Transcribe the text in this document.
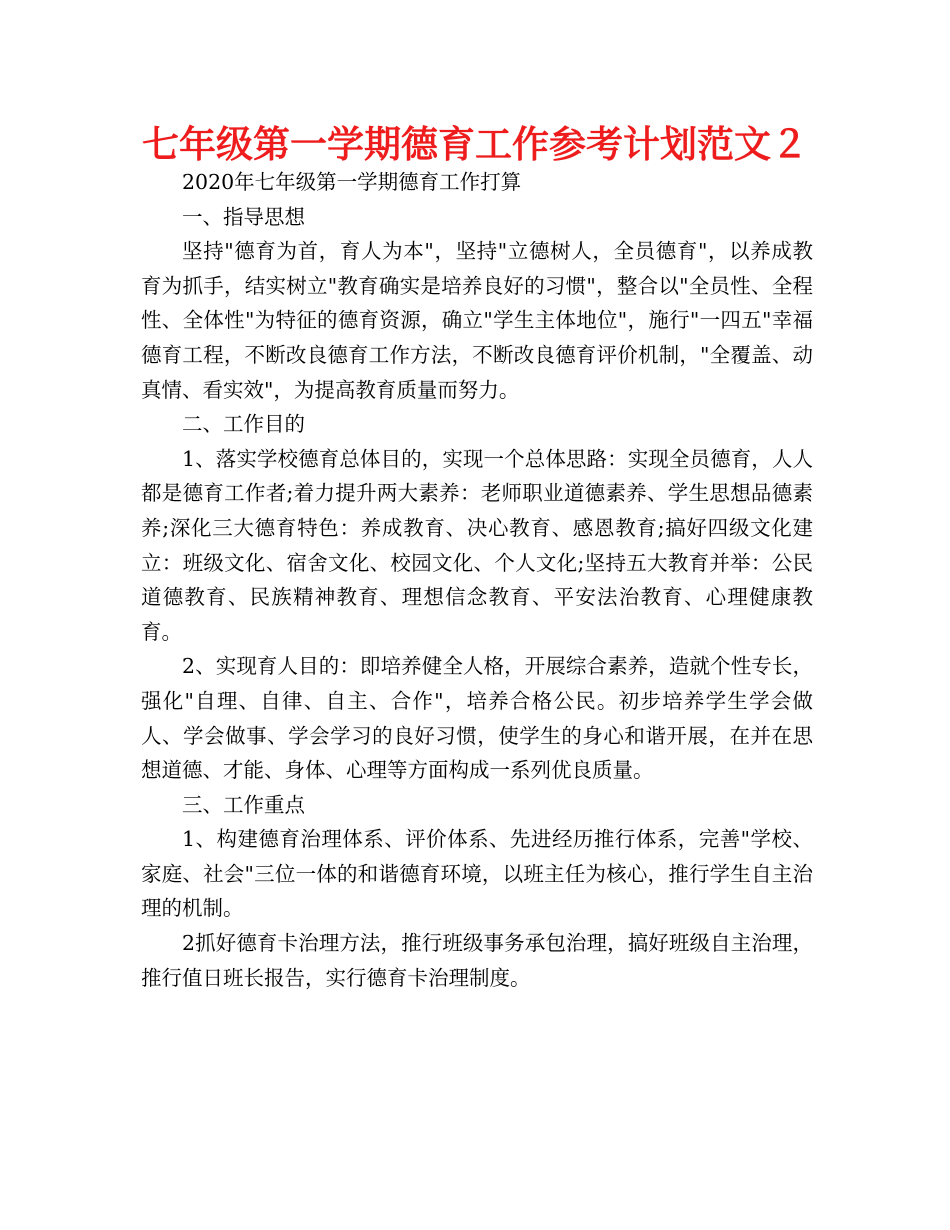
七年级第一学期德育工作参考计划范文２

2020年七年级第一学期德育工作打算

一、指导思想

坚持"德育为首，育人为本"，坚持"立德树人，全员德育"，以养成教育为抓手，结实树立"教育确实是培养良好的习惯"，整合以"全员性、全程性、全体性"为特征的德育资源，确立"学生主体地位"，施行"一四五"幸福德育工程，不断改良德育工作方法，不断改良德育评价机制，"全覆盖、动真情、看实效"，为提高教育质量而努力。

二、工作目的

1、落实学校德育总体目的，实现一个总体思路：实现全员德育，人人都是德育工作者;着力提升两大素养：老师职业道德素养、学生思想品德素养;深化三大德育特色：养成教育、决心教育、感恩教育;搞好四级文化建立：班级文化、宿舍文化、校园文化、个人文化;坚持五大教育并举：公民道德教育、民族精神教育、理想信念教育、平安法治教育、心理健康教育。

2、实现育人目的：即培养健全人格，开展综合素养，造就个性专长，强化"自理、自律、自主、合作"，培养合格公民。初步培养学生学会做人、学会做事、学会学习的良好习惯，使学生的身心和谐开展，在并在思想道德、才能、身体、心理等方面构成一系列优良质量。

三、工作重点

1、构建德育治理体系、评价体系、先进经历推行体系，完善"学校、家庭、社会"三位一体的和谐德育环境，以班主任为核心，推行学生自主治理的机制。

2抓好德育卡治理方法，推行班级事务承包治理，搞好班级自主治理，推行值日班长报告，实行德育卡治理制度。
